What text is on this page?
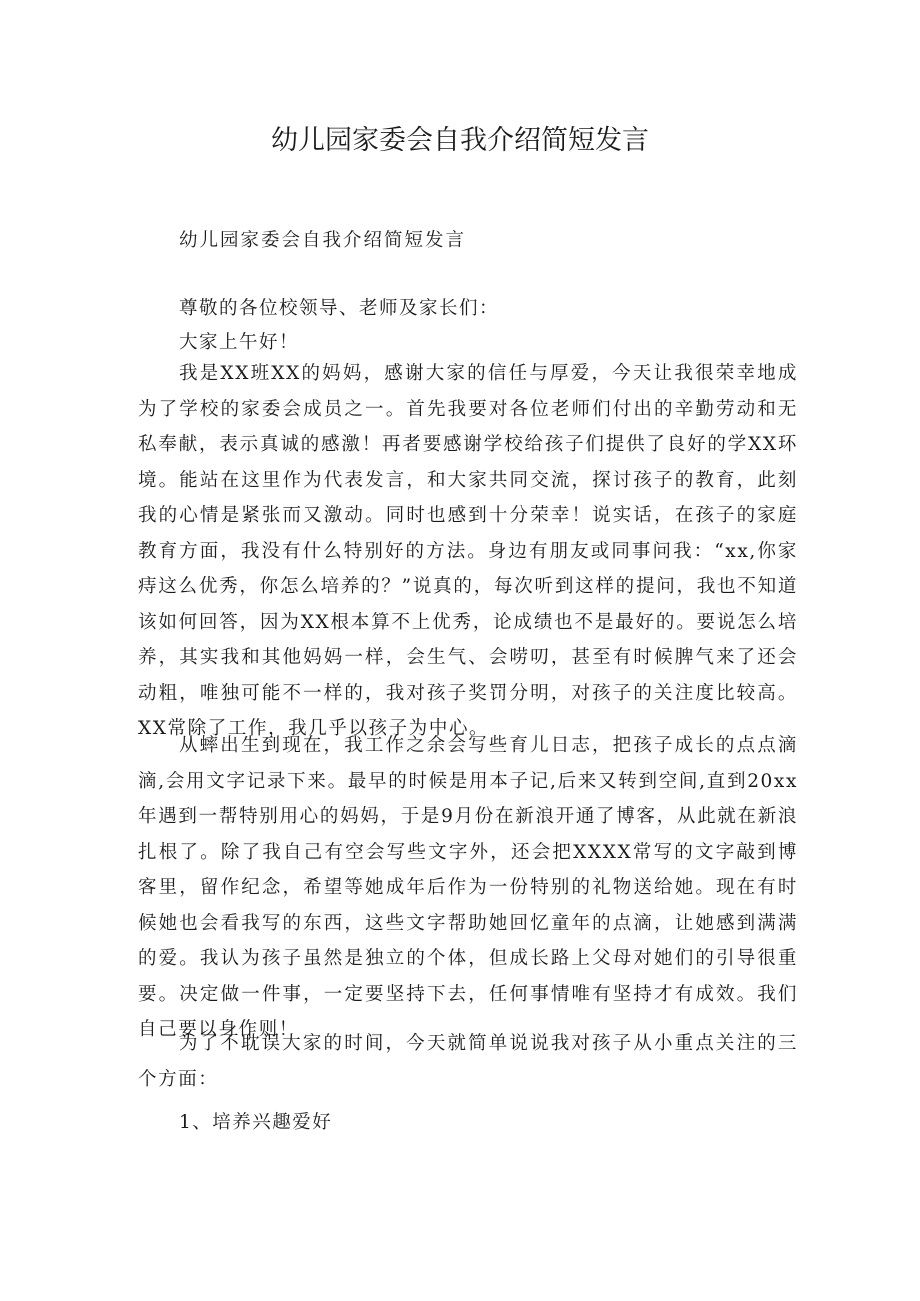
幼儿园家委会自我介绍简短发言
幼儿园家委会自我介绍简短发言
尊敬的各位校领导、老师及家长们：
大家上午好！
我是XX班XX的妈妈，感谢大家的信任与厚爱，今天让我很荣幸地成为了学校的家委会成员之一。首先我要对各位老师们付出的辛勤劳动和无私奉献，表示真诚的感激！再者要感谢学校给孩子们提供了良好的学XX环境。能站在这里作为代表发言，和大家共同交流，探讨孩子的教育，此刻我的心情是紧张而又激动。同时也感到十分荣幸！说实话，在孩子的家庭教育方面，我没有什么特别好的方法。身边有朋友或同事问我：“xx,你家痔这么优秀，你怎么培养的？”说真的，每次听到这样的提问，我也不知道该如何回答，因为XX根本算不上优秀，论成绩也不是最好的。要说怎么培养，其实我和其他妈妈一样，会生气、会唠叨，甚至有时候脾气来了还会动粗，唯独可能不一样的，我对孩子奖罚分明，对孩子的关注度比较高。XX常除了工作，我几乎以孩子为中心。
从蟀出生到现在，我工作之余会写些育儿日志，把孩子成长的点点滴滴,会用文字记录下来。最早的时候是用本子记,后来又转到空间,直到20xx年遇到一帮特别用心的妈妈，于是9月份在新浪开通了博客，从此就在新浪扎根了。除了我自己有空会写些文字外，还会把XXXX常写的文字敲到博客里，留作纪念，希望等她成年后作为一份特别的礼物送给她。现在有时候她也会看我写的东西，这些文字帮助她回忆童年的点滴，让她感到满满的爱。我认为孩子虽然是独立的个体，但成长路上父母对她们的引导很重要。决定做一件事，一定要坚持下去，任何事情唯有坚持才有成效。我们自己要以身作则！
为了不耽误大家的时间，今天就简单说说我对孩子从小重点关注的三个方面：
1、培养兴趣爱好
